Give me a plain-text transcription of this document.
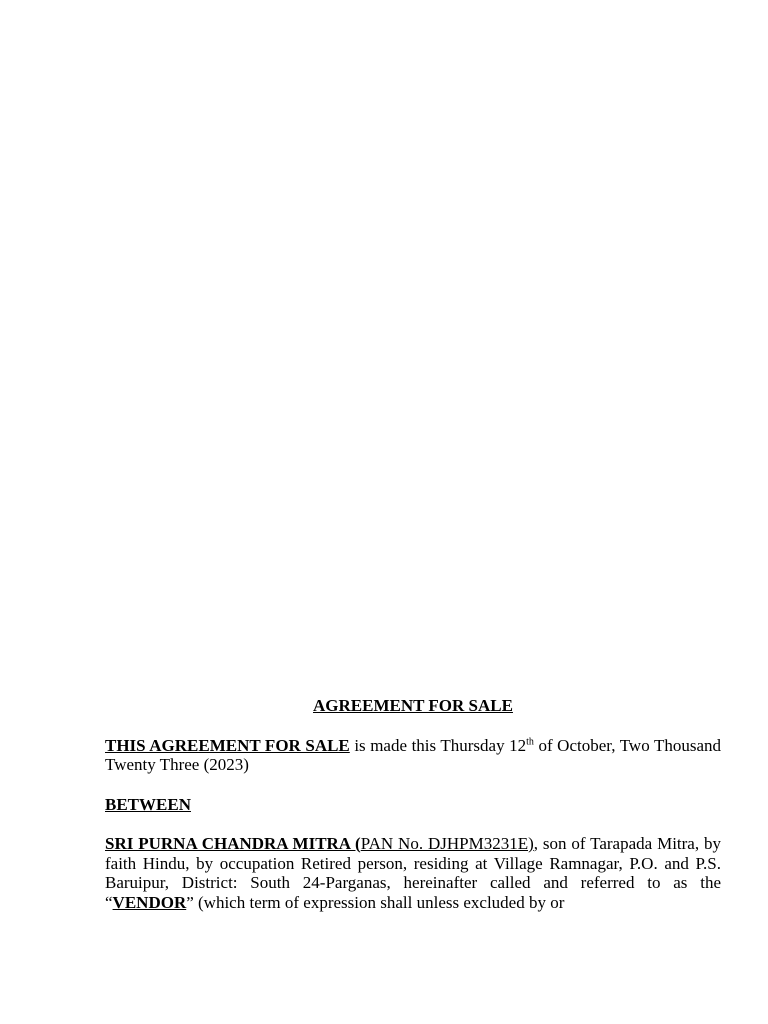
AGREEMENT FOR SALE
THIS AGREEMENT FOR SALE is made this Thursday 12th of October, Two Thousand Twenty Three (2023)
BETWEEN
SRI PURNA CHANDRA MITRA (PAN No. DJHPM3231E), son of Tarapada Mitra, by faith Hindu, by occupation Retired person, residing at Village Ramnagar, P.O. and P.S. Baruipur, District: South 24-Parganas, hereinafter called and referred to as the “VENDOR” (which term of expression shall unless excluded by or
